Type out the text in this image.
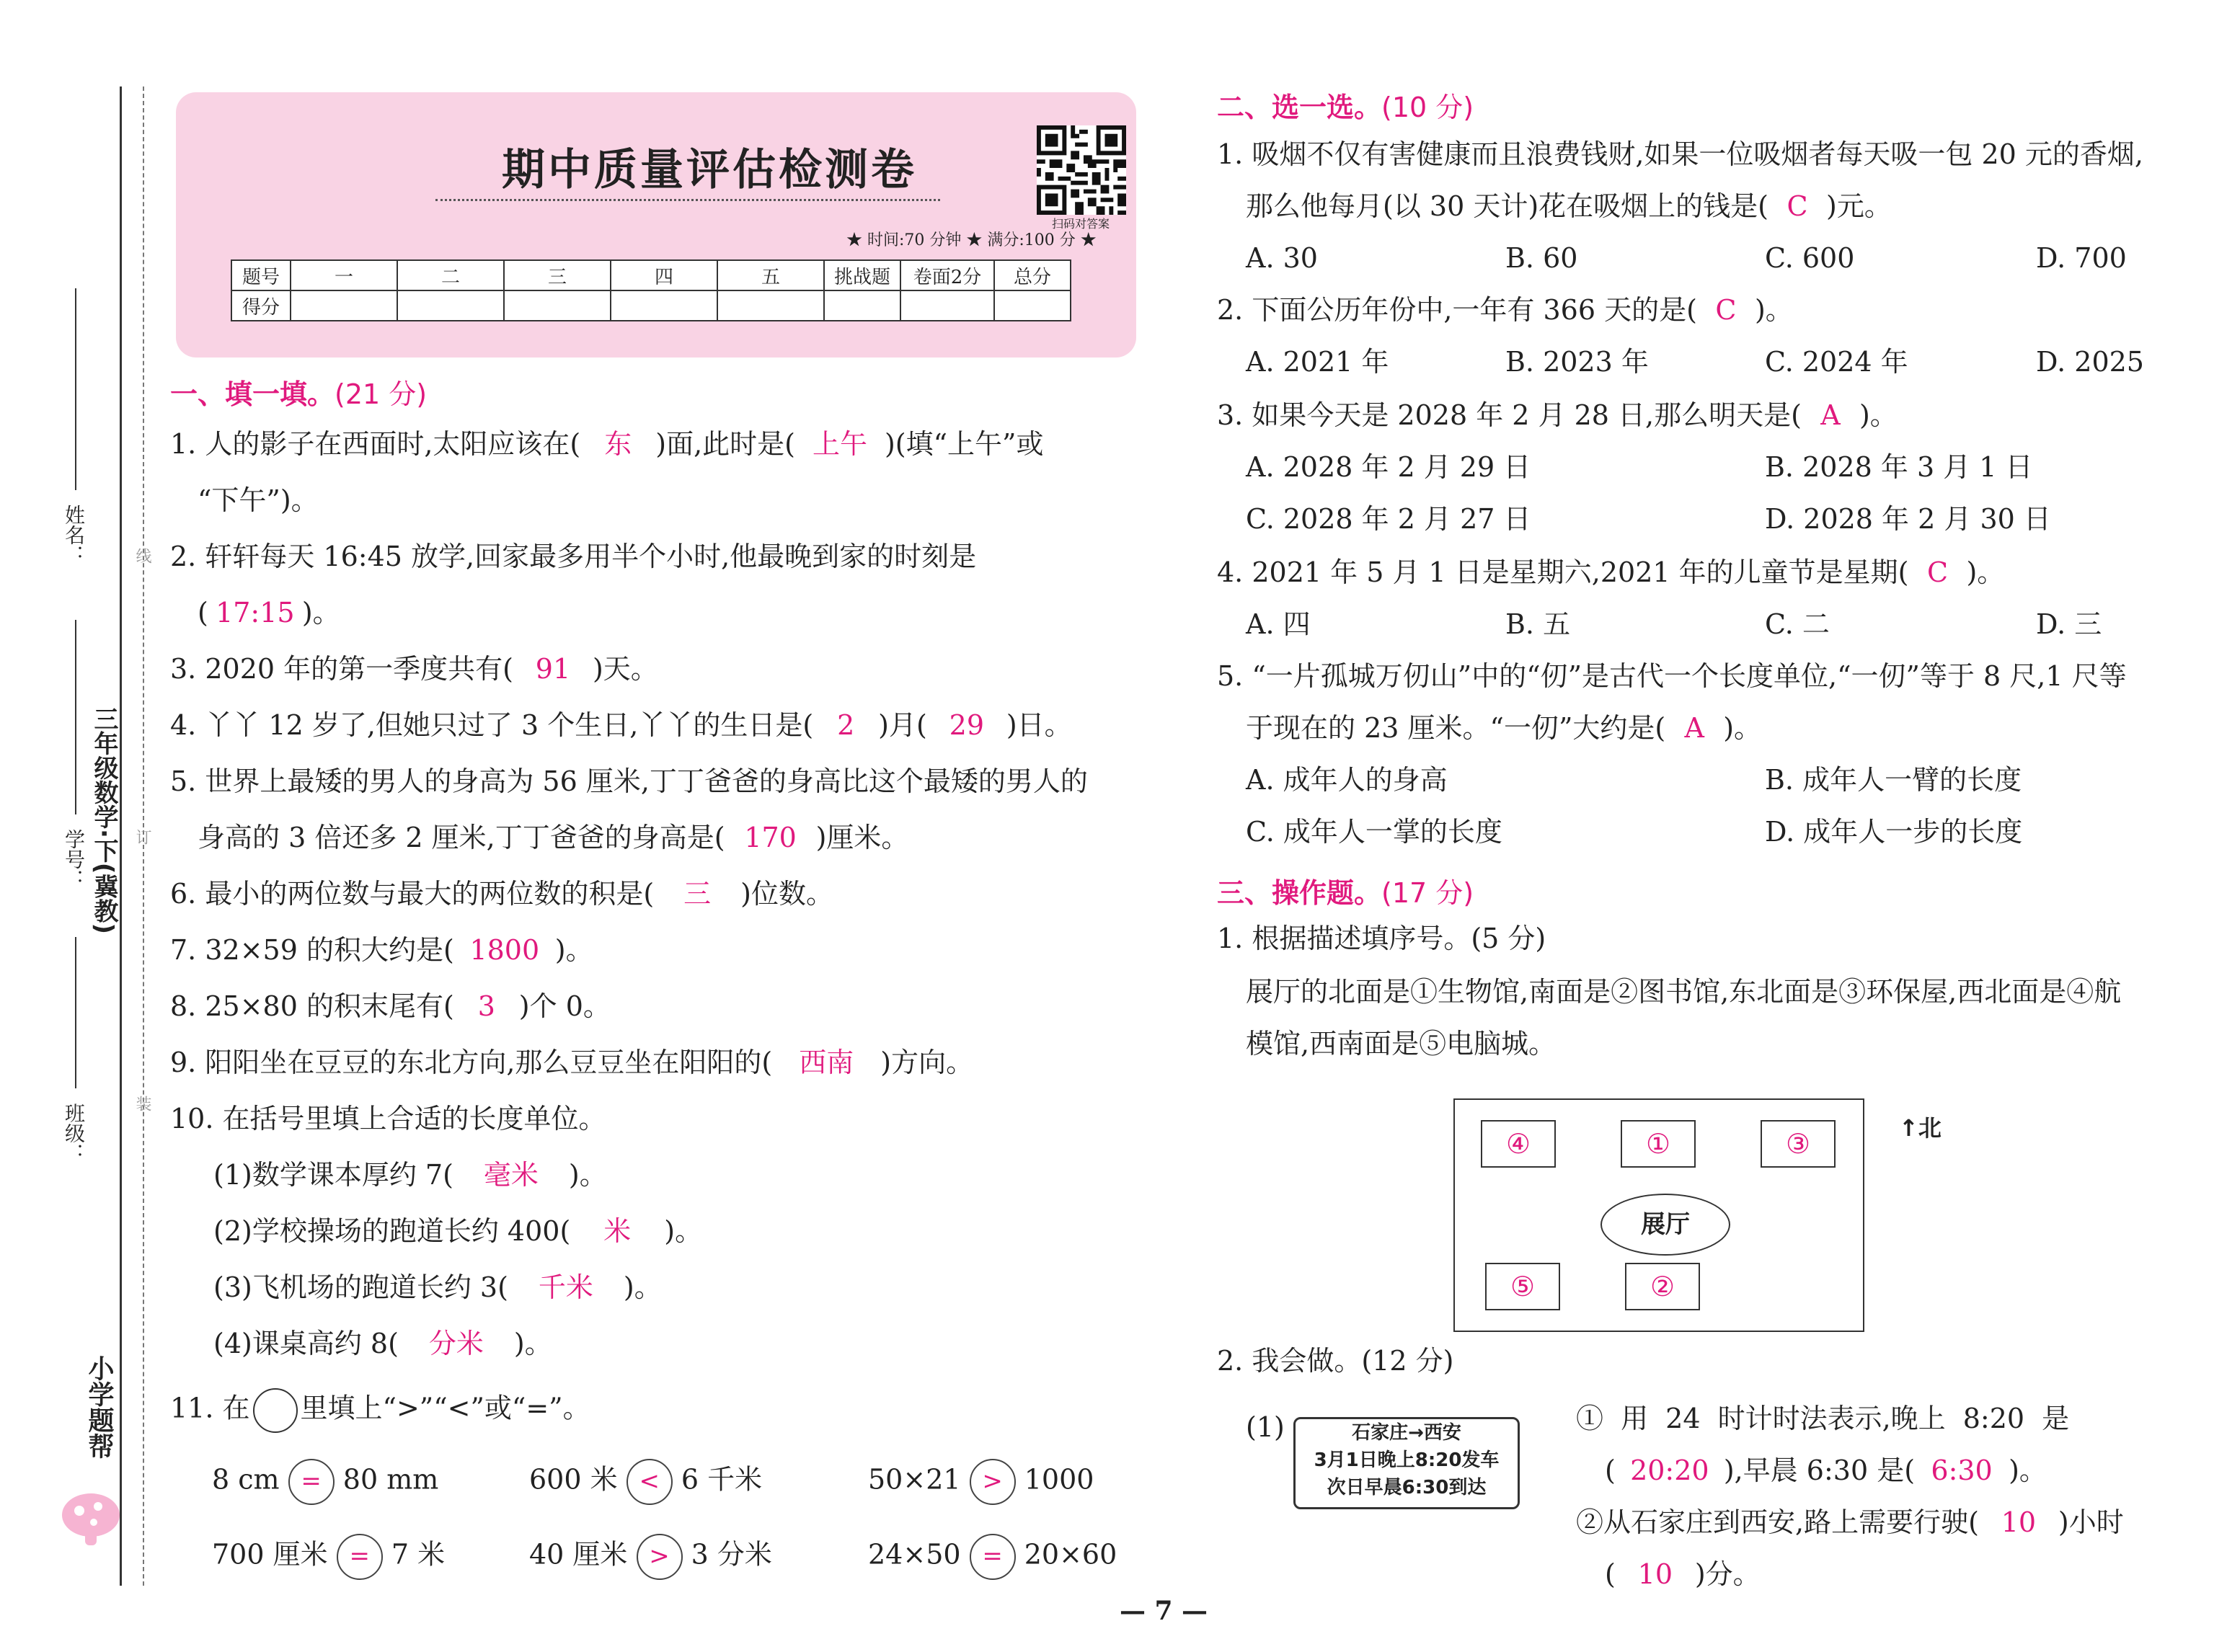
线
订
装
姓名：
学号：
班级：
三年级数学·下(冀教)
小学题帮
期中质量评估检测卷
扫码对答案
★ 时间:70 分钟 ★ 满分:100 分 ★
题号	一	二	三	四	五	挑战题	卷面2分	总分
得分								
一、填一填。(21 分)
1. 人的影子在西面时,太阳应该在( 东 )面,此时是( 上午 )(填“上午”或
“下午”)。
2. 轩轩每天 16:45 放学,回家最多用半个小时,他最晚到家的时刻是
( 17:15 )。
3. 2020 年的第一季度共有( 91 )天。
4. 丫丫 12 岁了,但她只过了 3 个生日,丫丫的生日是( 2 )月( 29 )日。
5. 世界上最矮的男人的身高为 56 厘米,丁丁爸爸的身高比这个最矮的男人的
身高的 3 倍还多 2 厘米,丁丁爸爸的身高是( 170 )厘米。
6. 最小的两位数与最大的两位数的积是( 三 )位数。
7. 32×59 的积大约是( 1800 )。
8. 25×80 的积末尾有( 3 )个 0。
9. 阳阳坐在豆豆的东北方向,那么豆豆坐在阳阳的( 西南 )方向。
10. 在括号里填上合适的长度单位。
(1)数学课本厚约 7( 毫米 )。
(2)学校操场的跑道长约 400( 米 )。
(3)飞机场的跑道长约 3( 千米 )。
(4)课桌高约 8( 分米 )。
11. 在 里填上“>”“<”或“=”。
8 cm = 80 mm	600 米 < 6 千米	50×21 > 1000
700 厘米 = 7 米	40 厘米 > 3 分米	24×50 = 20×60
二、选一选。(10 分)
1. 吸烟不仅有害健康而且浪费钱财,如果一位吸烟者每天吸一包 20 元的香烟,
那么他每月(以 30 天计)花在吸烟上的钱是( C )元。
A. 30	B. 60	C. 600	D. 700
2. 下面公历年份中,一年有 366 天的是( C )。
A. 2021 年	B. 2023 年	C. 2024 年	D. 2025
3. 如果今天是 2028 年 2 月 28 日,那么明天是( A )。
A. 2028 年 2 月 29 日	B. 2028 年 3 月 1 日
C. 2028 年 2 月 27 日	D. 2028 年 2 月 30 日
4. 2021 年 5 月 1 日是星期六,2021 年的儿童节是星期( C )。
A. 四	B. 五	C. 二	D. 三
5. “一片孤城万仞山”中的“仞”是古代一个长度单位,“一仞”等于 8 尺,1 尺等
于现在的 23 厘米。“一仞”大约是( A )。
A. 成年人的身高	B. 成年人一臂的长度
C. 成年人一掌的长度	D. 成年人一步的长度
三、操作题。(17 分)
1. 根据描述填序号。(5 分)
展厅的北面是①生物馆,南面是②图书馆,东北面是③环保屋,西北面是④航
模馆,西南面是⑤电脑城。
④	①	③
展厅
⑤	②
↑北
2. 我会做。(12 分)
(1)	石家庄→西安
3月1日晚上8:20发车
次日早晨6:30到达
① 用 24 时计时法表示,晚上 8:20 是
( 20:20 ),早晨 6:30 是( 6:30 )。
②从石家庄到西安,路上需要行驶( 10 )小时
( 10 )分。
— 7 —
